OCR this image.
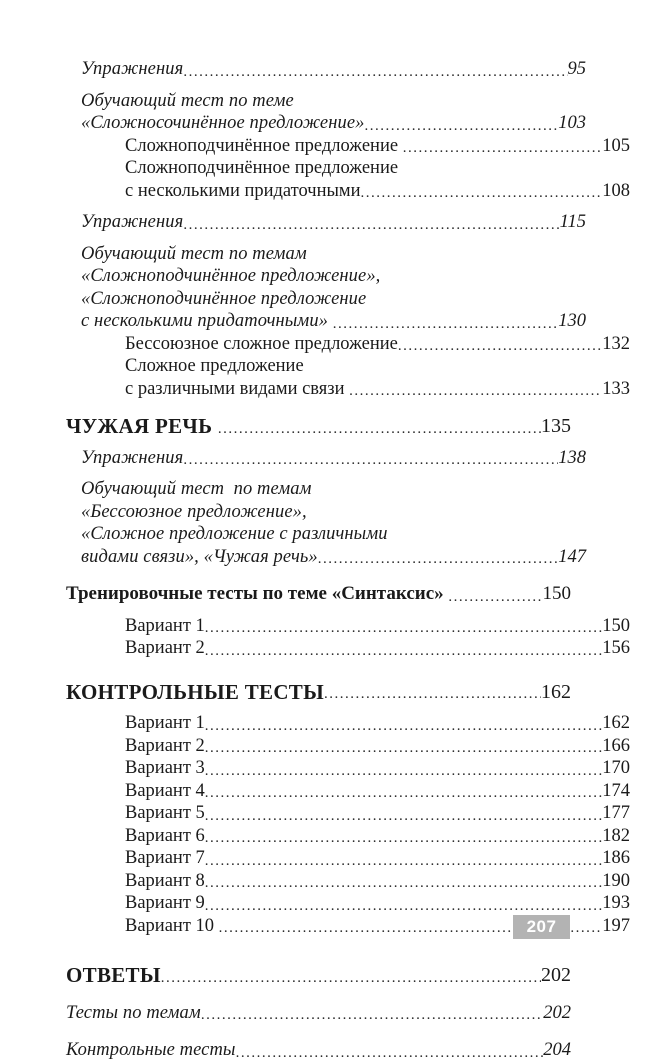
Упражнения .....	95
Обучающий тест по теме
«Сложносочинённое предложение» .....	103
Сложноподчинённое предложение .....	105
Сложноподчинённое предложение
с несколькими придаточными .....	108
Упражнения .....	115
Обучающий тест по темам
«Сложноподчинённое предложение»,
«Сложноподчинённое предложение
с несколькими придаточными» .....	130
Бессоюзное сложное предложение .....	132
Сложное предложение
с различными видами связи .....	133
ЧУЖАЯ РЕЧЬ .....	135
Упражнения .....	138
Обучающий тест  по темам
«Бессоюзное предложение»,
«Сложное предложение с различными
видами связи», «Чужая речь» .....	147
Тренировочные тесты по теме «Синтаксис» .....	150
Вариант 1 .....	150
Вариант 2 .....	156
КОНТРОЛЬНЫЕ ТЕСТЫ .....	162
Вариант 1 .....	162
Вариант 2 .....	166
Вариант 3 .....	170
Вариант 4 .....	174
Вариант 5 .....	177
Вариант 6 .....	182
Вариант 7 .....	186
Вариант 8 .....	190
Вариант 9 .....	193
Вариант 10 .....	197
ОТВЕТЫ .....	202
Тесты по темам .....	202
Контрольные тесты .....	204
207
